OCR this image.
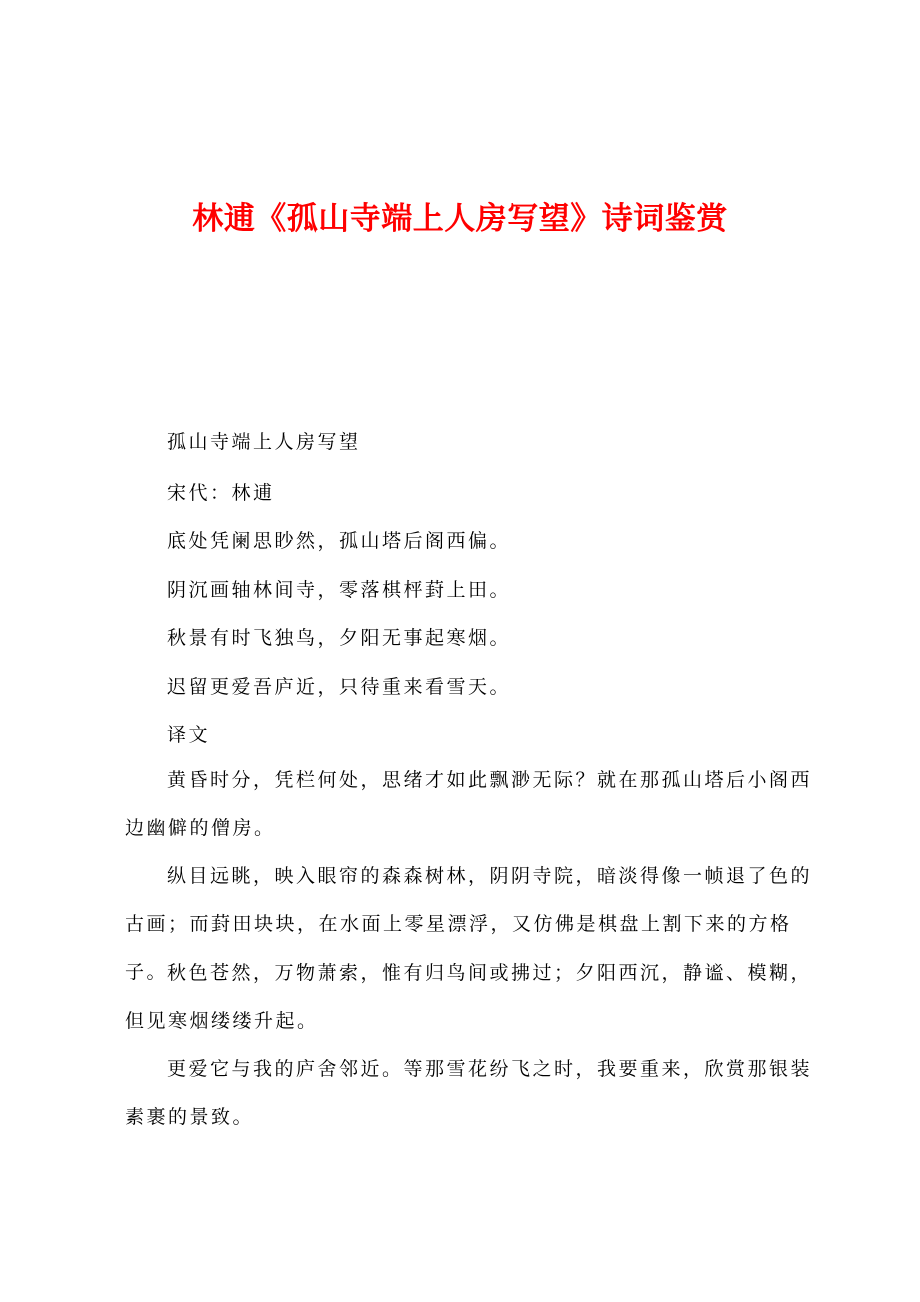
林逋《孤山寺端上人房写望》诗词鉴赏
孤山寺端上人房写望
宋代：林逋
底处凭阑思眇然，孤山塔后阁西偏。
阴沉画轴林间寺，零落棋枰葑上田。
秋景有时飞独鸟，夕阳无事起寒烟。
迟留更爱吾庐近，只待重来看雪天。
译文
黄昏时分，凭栏何处，思绪才如此飘渺无际？就在那孤山塔后小阁西边幽僻的僧房。
纵目远眺，映入眼帘的森森树林，阴阴寺院，暗淡得像一帧退了色的古画；而葑田块块，在水面上零星漂浮，又仿佛是棋盘上割下来的方格子。
秋色苍然，万物萧索，惟有归鸟间或拂过；夕阳西沉，静谧、模糊，但见寒烟缕缕升起。
更爱它与我的庐舍邻近。等那雪花纷飞之时，我要重来，欣赏那银装素裹的景致。
